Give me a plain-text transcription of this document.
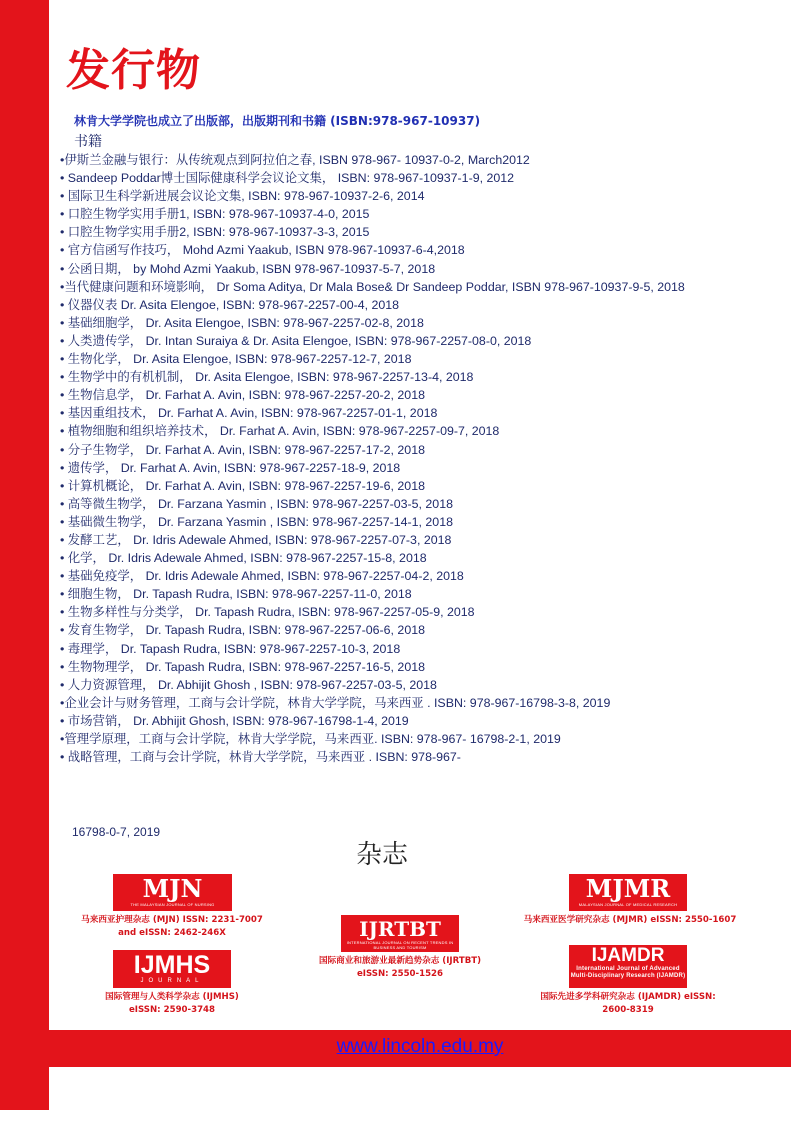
发行物
林肯大学学院也成立了出版部，出版期刊和书籍 (ISBN:978-967-10937)
书籍
•伊斯兰金融与银行：从传统观点到阿拉伯之春, ISBN 978-967- 10937-0-2, March2012
• Sandeep Poddar博士国际健康科学会议论文集， ISBN: 978-967-10937-1-9, 2012
• 国际卫生科学新进展会议论文集, ISBN: 978-967-10937-2-6, 2014
• 口腔生物学实用手册1, ISBN: 978-967-10937-4-0, 2015
• 口腔生物学实用手册2, ISBN: 978-967-10937-3-3, 2015
• 官方信函写作技巧， Mohd Azmi Yaakub, ISBN 978-967-10937-6-4,2018
• 公函日期， by Mohd Azmi Yaakub, ISBN 978-967-10937-5-7, 2018
•当代健康问题和环境影响， Dr Soma Aditya, Dr Mala Bose& Dr Sandeep Poddar, ISBN 978-967-10937-9-5, 2018
• 仪器仪表 Dr. Asita Elengoe, ISBN: 978-967-2257-00-4, 2018
• 基础细胞学， Dr. Asita Elengoe, ISBN: 978-967-2257-02-8, 2018
• 人类遗传学， Dr. Intan Suraiya & Dr. Asita Elengoe, ISBN: 978-967-2257-08-0, 2018
• 生物化学， Dr. Asita Elengoe, ISBN: 978-967-2257-12-7, 2018
• 生物学中的有机机制， Dr. Asita Elengoe, ISBN: 978-967-2257-13-4, 2018
• 生物信息学， Dr. Farhat A. Avin, ISBN: 978-967-2257-20-2, 2018
• 基因重组技术， Dr. Farhat A. Avin, ISBN: 978-967-2257-01-1, 2018
• 植物细胞和组织培养技术， Dr. Farhat A. Avin, ISBN: 978-967-2257-09-7, 2018
• 分子生物学， Dr. Farhat A. Avin, ISBN: 978-967-2257-17-2, 2018
• 遗传学， Dr. Farhat A. Avin, ISBN: 978-967-2257-18-9, 2018
• 计算机概论， Dr. Farhat A. Avin, ISBN: 978-967-2257-19-6, 2018
• 高等微生物学， Dr. Farzana Yasmin , ISBN: 978-967-2257-03-5, 2018
• 基础微生物学， Dr. Farzana Yasmin , ISBN: 978-967-2257-14-1, 2018
• 发酵工艺， Dr. Idris Adewale Ahmed, ISBN: 978-967-2257-07-3, 2018
• 化学， Dr. Idris Adewale Ahmed, ISBN: 978-967-2257-15-8, 2018
• 基础免疫学， Dr. Idris Adewale Ahmed, ISBN: 978-967-2257-04-2, 2018
• 细胞生物， Dr. Tapash Rudra, ISBN: 978-967-2257-11-0, 2018
• 生物多样性与分类学， Dr. Tapash Rudra, ISBN: 978-967-2257-05-9, 2018
• 发育生物学， Dr. Tapash Rudra, ISBN: 978-967-2257-06-6, 2018
• 毒理学， Dr. Tapash Rudra, ISBN: 978-967-2257-10-3, 2018
• 生物物理学， Dr. Tapash Rudra, ISBN: 978-967-2257-16-5, 2018
• 人力资源管理， Dr. Abhijit Ghosh , ISBN: 978-967-2257-03-5, 2018
•企业会计与财务管理，工商与会计学院，林肯大学学院，马来西亚 . ISBN: 978-967-16798-3-8, 2019
• 市场营销， Dr. Abhijit Ghosh, ISBN: 978-967-16798-1-4, 2019
•管理学原理，工商与会计学院，林肯大学学院，马来西亚. ISBN: 978-967- 16798-2-1, 2019
• 战略管理，工商与会计学院，林肯大学学院，马来西亚 . ISBN: 978-967-
16798-0-7, 2019
杂志
MJN
THE MALAYSIAN JOURNAL OF NURSING
马来西亚护理杂志 (MJN) ISSN: 2231-7007 and eISSN: 2462-246X
MJMR
MALAYSIAN JOURNAL OF MEDICAL RESEARCH
马来西亚医学研究杂志 (MJMR) eISSN: 2550-1607
IJRTBT
INTERNATIONAL JOURNAL ON RECENT TRENDS IN BUSINESS AND TOURISM
国际商业和旅游业最新趋势杂志 (IJRTBT) eISSN: 2550-1526
IJMHS
JOURNAL
国际管理与人类科学杂志 (IJMHS) eISSN: 2590-3748
IJAMDR
International Journal of Advanced Multi-Disciplinary Research (IJAMDR)
国际先进多学科研究杂志 (IJAMDR) eISSN: 2600-8319
www.lincoln.edu.my
